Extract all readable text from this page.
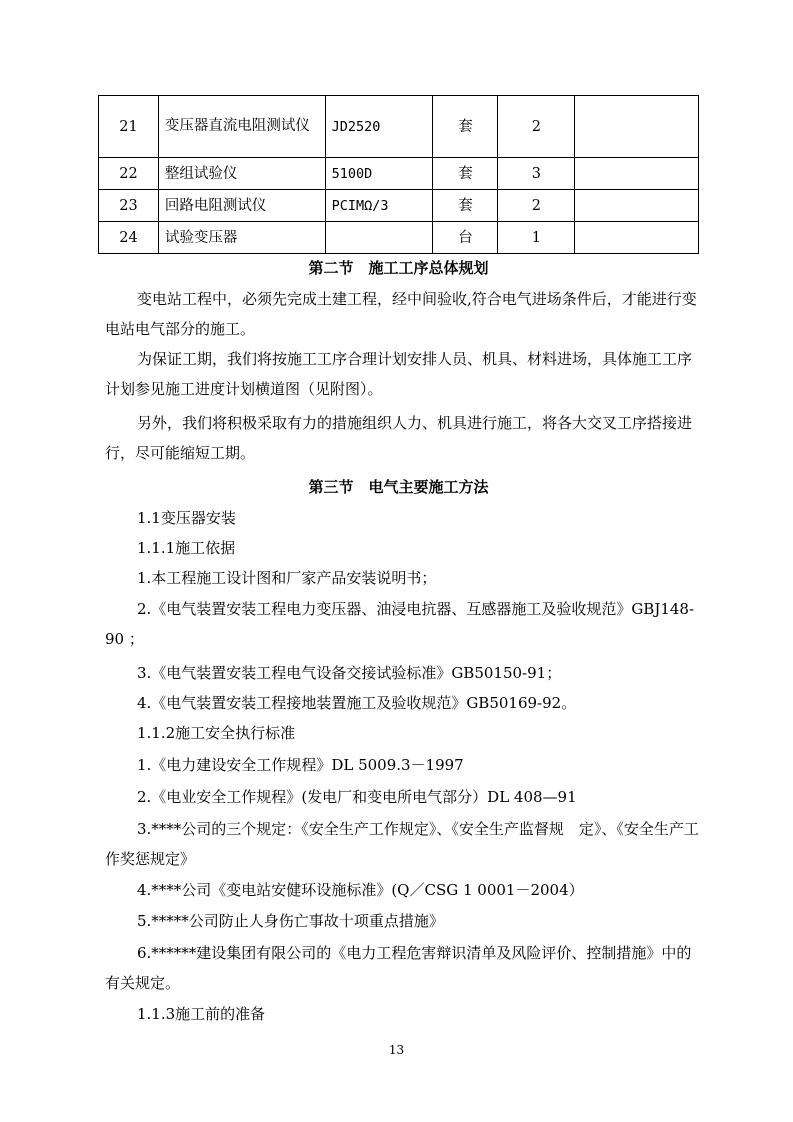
21	变压器直流电阻测试仪	JD2520	套	2	
22	整组试验仪	5100D	套	3	
23	回路电阻测试仪	PCIMΩ/3	套	2	
24	试验变压器		台	1	
第二节　施工工序总体规划

变电站工程中，必须先完成土建工程，经中间验收,符合电气进场条件后，才能进行变电站电气部分的施工。

为保证工期，我们将按施工工序合理计划安排人员、机具、材料进场，具体施工工序计划参见施工进度计划横道图（见附图）。

另外，我们将积极采取有力的措施组织人力、机具进行施工，将各大交叉工序搭接进行，尽可能缩短工期。

第三节　电气主要施工方法

1.1变压器安装

1.1.1施工依据

1.本工程施工设计图和厂家产品安装说明书；

2.《电气装置安装工程电力变压器、油浸电抗器、互感器施工及验收规范》GBJ148-90 ；

3.《电气装置安装工程电气设备交接试验标准》GB50150-91；

4.《电气装置安装工程接地装置施工及验收规范》GB50169-92。

1.1.2施工安全执行标准

1.《电力建设安全工作规程》DL 5009.3－1997

2.《电业安全工作规程》(发电厂和变电所电气部分）DL 408—91

3.****公司的三个规定：《安全生产工作规定》、《安全生产监督规　定》、《安全生产工作奖惩规定》

4.****公司《变电站安健环设施标准》(Q／CSG 1 0001－2004）

5.*****公司防止人身伤亡事故十项重点措施》

6.******建设集团有限公司的《电力工程危害辩识清单及风险评价、控制措施》中的有关规定。

1.1.3施工前的准备

13
